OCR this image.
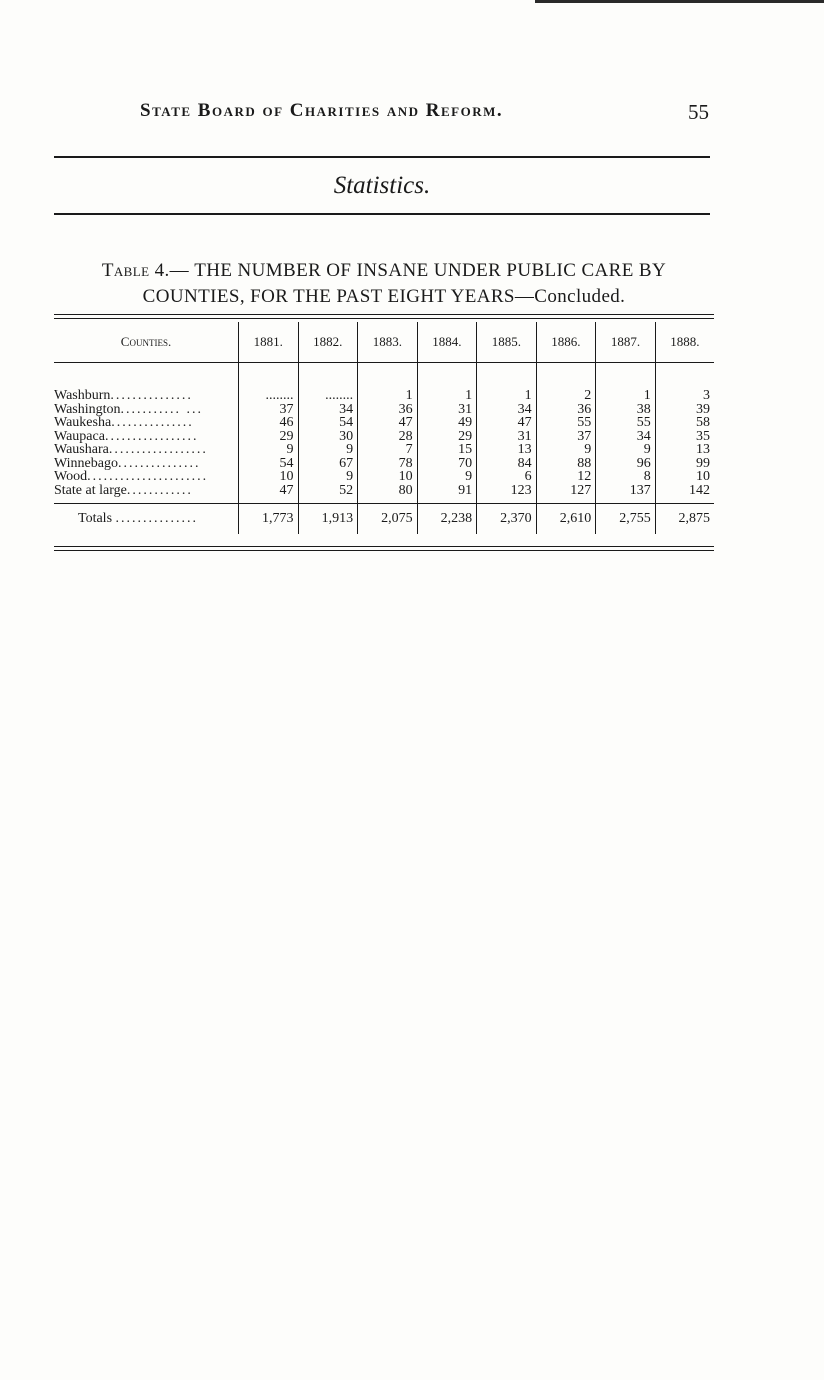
State Board of Charities and Reform.	55
Statistics.
Table 4.— THE NUMBER OF INSANE UNDER PUBLIC CARE BY
COUNTIES, FOR THE PAST EIGHT YEARS—Concluded.
Counties.	1881.	1882.	1883.	1884.	1885.	1886.	1887.	1888.

Washburn...............	........	........	1	1	1	2	1	3
Washington........... ...	37	34	36	31	34	36	38	39
Waukesha...............	46	54	47	49	47	55	55	58
Waupaca.................	29	30	28	29	31	37	34	35
Waushara..................	9	9	7	15	13	9	9	13
Winnebago...............	54	67	78	70	84	88	96	99
Wood......................	10	9	10	9	6	12	8	10
State at large............	47	52	80	91	123	127	137	142
Totals ...............	1,773	1,913	2,075	2,238	2,370	2,610	2,755	2,875
